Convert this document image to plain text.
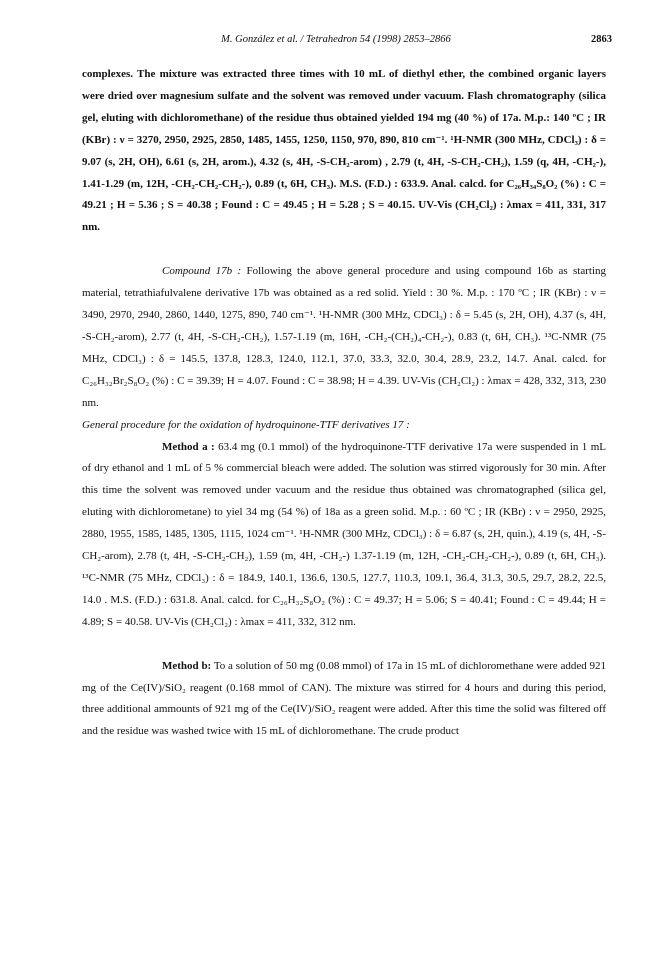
M. González et al. / Tetrahedron 54 (1998) 2853–2866	2863

complexes. The mixture was extracted three times with 10 mL of diethyl ether, the combined organic layers were dried over magnesium sulfate and the solvent was removed under vacuum. Flash chromatography (silica gel, eluting with dichloromethane) of the residue thus obtained yielded 194 mg (40 %) of 17a. M.p.: 140 ºC ; IR (KBr) : ν = 3270, 2950, 2925, 2850, 1485, 1455, 1250, 1150, 970, 890, 810 cm⁻¹. ¹H-NMR (300 MHz, CDCl₃) : δ = 9.07 (s, 2H, OH), 6.61 (s, 2H, arom.), 4.32 (s, 4H, -S-CH₂-arom) , 2.79 (t, 4H, -S-CH₂-CH₂), 1.59 (q, 4H, -CH₂-), 1.41-1.29 (m, 12H, -CH₂-CH₂-CH₂-), 0.89 (t, 6H, CH₃). M.S. (F.D.) : 633.9. Anal. calcd. for C₂₆H₃₄S₈O₂ (%) : C = 49.21 ; H = 5.36 ; S = 40.38 ; Found : C = 49.45 ; H = 5.28 ; S = 40.15. UV-Vis (CH₂Cl₂) : λmax = 411, 331, 317 nm.

Compound 17b : Following the above general procedure and using compound 16b as starting material, tetrathiafulvalene derivative 17b was obtained as a red solid. Yield : 30 %. M.p. : 170 ºC ; IR (KBr) : ν = 3490, 2970, 2940, 2860, 1440, 1275, 890, 740 cm⁻¹. ¹H-NMR (300 MHz, CDCl₃) : δ = 5.45 (s, 2H, OH), 4.37 (s, 4H, -S-CH₂-arom), 2.77 (t, 4H, -S-CH₂-CH₂), 1.57-1.19 (m, 16H, -CH₂-(CH₂)₄-CH₂-), 0.83 (t, 6H, CH₃). ¹³C-NMR (75 MHz, CDCl₃) : δ = 145.5, 137.8, 128.3, 124.0, 112.1, 37.0, 33.3, 32.0, 30.4, 28.9, 23.2, 14.7. Anal. calcd. for C₂₆H₃₂Br₂S₈O₂ (%) : C = 39.39; H = 4.07. Found : C = 38.98; H = 4.39. UV-Vis (CH₂Cl₂) : λmax = 428, 332, 313, 230 nm.

General procedure for the oxidation of hydroquinone-TTF derivatives 17 :

Method a : 63.4 mg (0.1 mmol) of the hydroquinone-TTF derivative 17a were suspended in 1 mL of dry ethanol and 1 mL of 5 % commercial bleach were added. The solution was stirred vigorously for 30 min. After this time the solvent was removed under vacuum and the residue thus obtained was chromatographed (silica gel, eluting with dichlorometane) to yiel 34 mg (54 %) of 18a as a green solid. M.p. : 60 ºC ; IR (KBr) : ν = 2950, 2925, 2880, 1955, 1585, 1485, 1305, 1115, 1024 cm⁻¹. ¹H-NMR (300 MHz, CDCl₃) : δ = 6.87 (s, 2H, quin.), 4.19 (s, 4H, -S-CH₂-arom), 2.78 (t, 4H, -S-CH₂-CH₂), 1.59 (m, 4H, -CH₂-) 1.37-1.19 (m, 12H, -CH₂-CH₂-CH₂-), 0.89 (t, 6H, CH₃). ¹³C-NMR (75 MHz, CDCl₃) : δ = 184.9, 140.1, 136.6, 130.5, 127.7, 110.3, 109.1, 36.4, 31.3, 30.5, 29.7, 28.2, 22.5, 14.0 . M.S. (F.D.) : 631.8. Anal. calcd. for C₂₆H₃₂S₈O₂ (%) : C = 49.37; H = 5.06; S = 40.41; Found : C = 49.44; H = 4.89; S = 40.58. UV-Vis (CH₂Cl₂) : λmax = 411, 332, 312 nm.

Method b: To a solution of 50 mg (0.08 mmol) of 17a in 15 mL of dichloromethane were added 921 mg of the Ce(IV)/SiO₂ reagent (0.168 mmol of CAN). The mixture was stirred for 4 hours and during this period, three additional ammounts of 921 mg of the Ce(IV)/SiO₂ reagent were added. After this time the solid was filtered off and the residue was washed twice with 15 mL of dichloromethane. The crude product
